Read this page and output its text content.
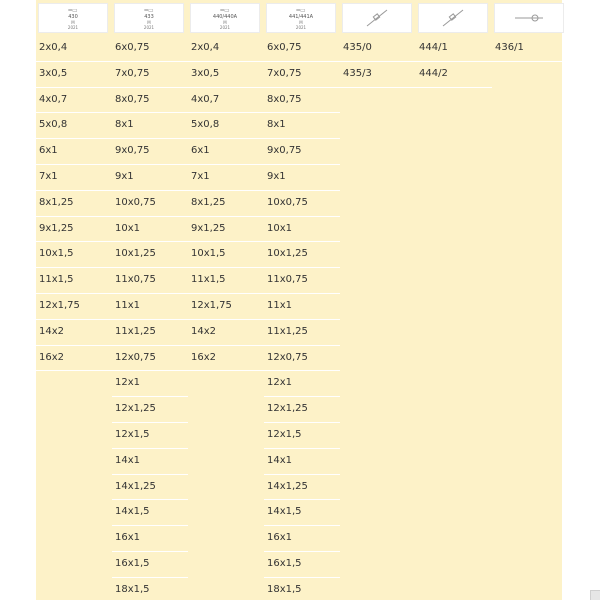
═▭
430
M
2021
2x0,4
3x0,5
4x0,7
5x0,8
6x1
7x1
8x1,25
9x1,25
10x1,5
11x1,5
12x1,75
14x2
16x2
═▭
433
M
2021
6x0,75
7x0,75
8x0,75
8x1
9x0,75
9x1
10x0,75
10x1
10x1,25
11x0,75
11x1
11x1,25
12x0,75
12x1
12x1,25
12x1,5
14x1
14x1,25
14x1,5
16x1
16x1,5
18x1,5
═▭
440/440A
M
2021
2x0,4
3x0,5
4x0,7
5x0,8
6x1
7x1
8x1,25
9x1,25
10x1,5
11x1,5
12x1,75
14x2
16x2
═▭
441/441A
M
2021
6x0,75
7x0,75
8x0,75
8x1
9x0,75
9x1
10x0,75
10x1
10x1,25
11x0,75
11x1
11x1,25
12x0,75
12x1
12x1,25
12x1,5
14x1
14x1,25
14x1,5
16x1
16x1,5
18x1,5
435/0
435/3
444/1
444/2
436/1
